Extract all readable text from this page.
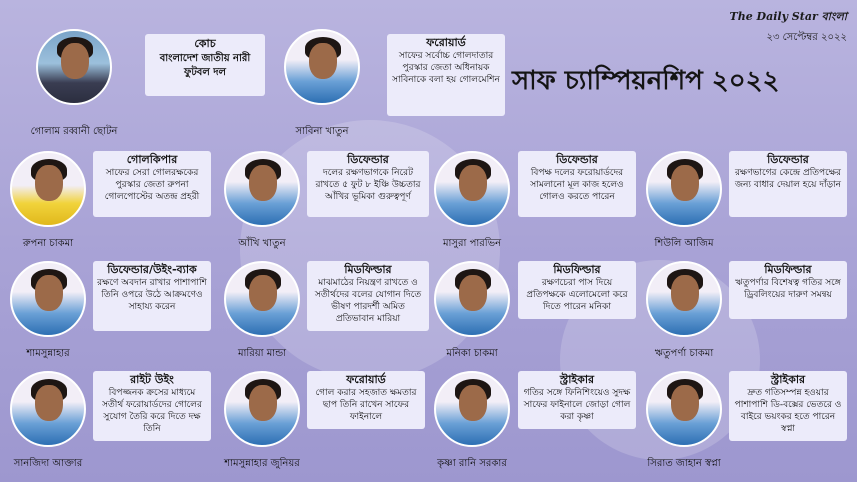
The Daily Star বাংলা
২৩ সেপ্টেম্বর ২০২২
সাফ চ্যাম্পিয়নশিপ ২০২২
গোলাম রব্বানী ছোটন
কোচ
বাংলাদেশ জাতীয় নারী ফুটবল দল
সাবিনা খাতুন
ফরোয়ার্ড
সাফের সর্বোচ্চ গোলদাতার পুরস্কার জেতা অধিনায়ক সাবিনাকে বলা হয় গোলমেশিন
রুপনা চাকমা
গোলকিপার
সাফের সেরা গোলরক্ষকের পুরস্কার জেতা রুপনা গোলপোস্টের অতন্দ্র প্রহরী
আঁখি খাতুন
ডিফেন্ডার
দলের রক্ষণভাগকে নিরেট রাখতে ৫ ফুট ৮ ইঞ্চি উচ্চতার আঁখির ভূমিকা গুরুত্বপূর্ণ
মাসুরা পারভিন
ডিফেন্ডার
বিপক্ষ দলের ফরোয়ার্ডদের সামলানো মূল কাজ হলেও গোলও করতে পারেন
শিউলি আজিম
ডিফেন্ডার
রক্ষণভাগের কেন্দ্রে প্রতিপক্ষের জন্য বাধার দেয়াল হয়ে দাঁড়ান
শামসুন্নাহার
ডিফেন্ডার/উইং-ব্যাক
রক্ষণে অবদান রাখার পাশাপাশি তিনি ওপরে উঠে আক্রমণেও সাহায্য করেন
মারিয়া মান্ডা
মিডফিল্ডার
মাঝমাঠের নিয়ন্ত্রণ রাখতে ও সতীর্থদের বলের যোগান দিতে ভীষণ পারদর্শী অমিত প্রতিভাবান মারিয়া
মনিকা চাকমা
মিডফিল্ডার
রক্ষণচেরা পাস দিয়ে প্রতিপক্ষকে এলোমেলো করে দিতে পারেন মনিকা
ঋতুপর্ণা চাকমা
মিডফিল্ডার
ঋতুপর্ণার বিশেষত্ব গতির সঙ্গে ড্রিবলিংয়ের দারুণ সমন্বয়
সানজিদা আক্তার
রাইট উইং
বিপজ্জনক ক্রসের মাধ্যমে সতীর্থ ফরোয়ার্ডদের গোলের সুযোগ তৈরি করে দিতে দক্ষ তিনি
শামসুন্নাহার জুনিয়র
ফরোয়ার্ড
গোল করার সহজাত ক্ষমতার ছাপ তিনি রাখেন সাফের ফাইনালে
কৃষ্ণা রানি সরকার
স্ট্রাইকার
গতির সঙ্গে ফিনিশিংয়েও সুদক্ষ সাফের ফাইনালে জোড়া গোল করা কৃষ্ণা
সিরাত জাহান স্বপ্না
স্ট্রাইকার
দ্রুত গতিসম্পন্ন হওয়ার পাশাপাশি ডি-বক্সের ভেতরে ও বাইরে ভয়ংকর হতে পারেন স্বপ্না
